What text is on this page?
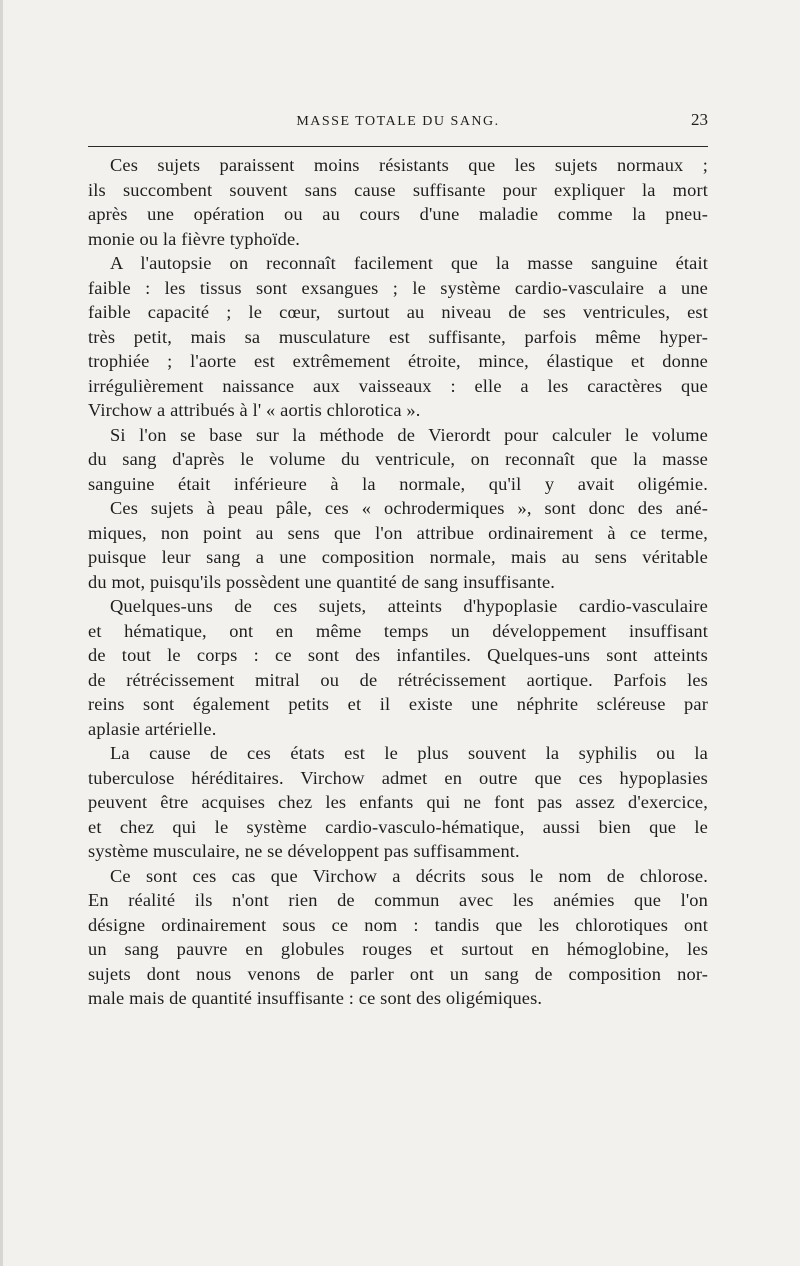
MASSE TOTALE DU SANG.	23
Ces sujets paraissent moins résistants que les sujets normaux ;
ils succombent souvent sans cause suffisante pour expliquer la mort
après une opération ou au cours d'une maladie comme la pneu-
monie ou la fièvre typhoïde.
A l'autopsie on reconnaît facilement que la masse sanguine était
faible : les tissus sont exsangues ; le système cardio-vasculaire a une
faible capacité ; le cœur, surtout au niveau de ses ventricules, est
très petit, mais sa musculature est suffisante, parfois même hyper-
trophiée ; l'aorte est extrêmement étroite, mince, élastique et donne
irrégulièrement naissance aux vaisseaux : elle a les caractères que
Virchow a attribués à l' « aortis chlorotica ».
Si l'on se base sur la méthode de Vierordt pour calculer le volume
du sang d'après le volume du ventricule, on reconnaît que la masse
sanguine était inférieure à la normale, qu'il y avait oligémie.
Ces sujets à peau pâle, ces « ochrodermiques », sont donc des ané-
miques, non point au sens que l'on attribue ordinairement à ce terme,
puisque leur sang a une composition normale, mais au sens véritable
du mot, puisqu'ils possèdent une quantité de sang insuffisante.
Quelques-uns de ces sujets, atteints d'hypoplasie cardio-vasculaire
et hématique, ont en même temps un développement insuffisant
de tout le corps : ce sont des infantiles. Quelques-uns sont atteints
de rétrécissement mitral ou de rétrécissement aortique. Parfois les
reins sont également petits et il existe une néphrite scléreuse par
aplasie artérielle.
La cause de ces états est le plus souvent la syphilis ou la
tuberculose héréditaires. Virchow admet en outre que ces hypoplasies
peuvent être acquises chez les enfants qui ne font pas assez d'exercice,
et chez qui le système cardio-vasculo-hématique, aussi bien que le
système musculaire, ne se développent pas suffisamment.
Ce sont ces cas que Virchow a décrits sous le nom de chlorose.
En réalité ils n'ont rien de commun avec les anémies que l'on
désigne ordinairement sous ce nom : tandis que les chlorotiques ont
un sang pauvre en globules rouges et surtout en hémoglobine, les
sujets dont nous venons de parler ont un sang de composition nor-
male mais de quantité insuffisante : ce sont des oligémiques.
